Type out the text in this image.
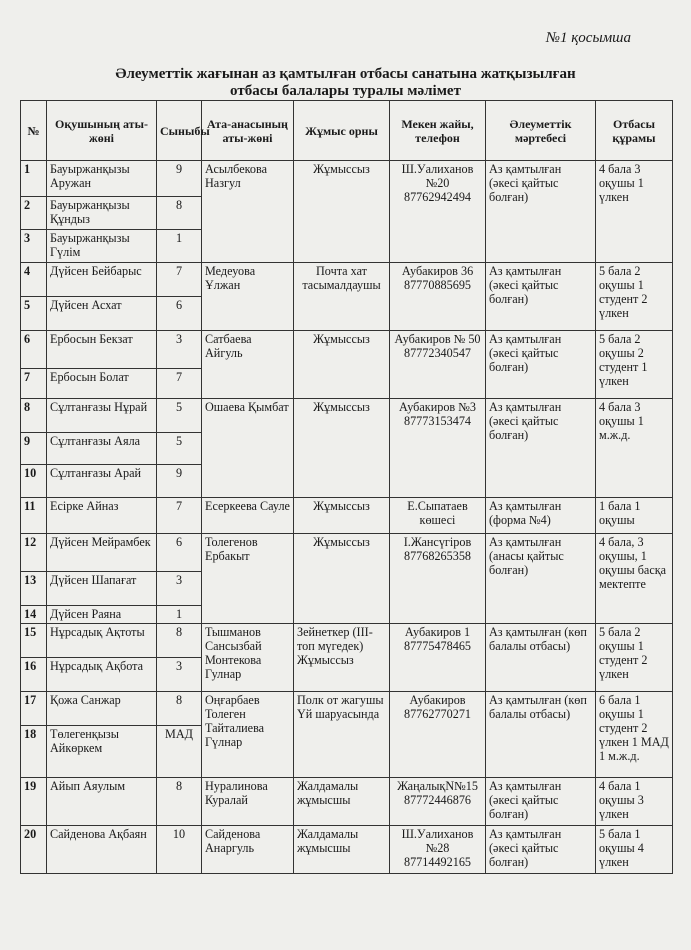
№1 қосымша
Әлеуметтік жағынан аз қамтылған отбасы санатына жатқызылған
отбасы балалары туралы мәлімет
№	Оқушының аты-жөні	Сыныбы	Ата-анасының аты-жөні	Жұмыс орны	Мекен жайы, телефон	Әлеуметтік мәртебесі	Отбасы құрамы
1	Бауыржанқызы Аружан	9	Асылбекова Назгул	Жұмыссыз	Ш.Уалиханов №20 87762942494	Аз қамтылған (әкесі қайтыс болған)	4 бала 3 оқушы 1 үлкен
2	Бауыржанқызы Құндыз	8					
3	Бауыржанқызы Гүлім	1					
4	Дүйсен Бейбарыс	7	Медеуова Ұлжан	Почта хат тасымалдаушы	Аубакиров 36 87770885695	Аз қамтылған (әкесі қайтыс болған)	5 бала 2 оқушы 1 студент 2 үлкен
5	Дүйсен Асхат	6					
6	Ербосын Бекзат	3	Сатбаева Айгуль	Жұмыссыз	Аубакиров № 50 87772340547	Аз қамтылған (әкесі қайтыс болған)	5 бала 2 оқушы 2 студент 1 үлкен
7	Ербосын Болат	7					
8	Сұлтанғазы Нұрай	5	Ошаева Қымбат	Жұмыссыз	Аубакиров №3 87773153474	Аз қамтылған (әкесі қайтыс болған)	4 бала 3 оқушы 1 м.ж.д.
9	Сұлтанғазы Аяла	5					
10	Сұлтанғазы Арай	9					
11	Есірке Айназ	7	Есеркеева Сауле	Жұмыссыз	Е.Сыпатаев көшесі	Аз қамтылған (форма №4)	1 бала 1 оқушы
12	Дүйсен Мейрамбек	6	Толегенов Ербакыт	Жұмыссыз	І.Жансүгіров 87768265358	Аз қамтылған (анасы қайтыс болған)	4 бала, 3 оқушы, 1 оқушы басқа мектепте
13	Дүйсен Шапағат	3					
14	Дүйсен Раяна	1					
15	Нұрсадық Ақтоты	8	Тышманов Сансызбай Монтекова Гулнар	Зейнеткер (ІІІ-топ мүгедек) Жұмыссыз	Аубакиров 1 87775478465	Аз қамтылған (көп балалы отбасы)	5 бала 2 оқушы 1 студент 2 үлкен
16	Нұрсадық Ақбота	3					
17	Қожа Санжар	8	Оңғарбаев Толеген Тайталиева Гүлнар	Полк от жагушы Үй шаруасында	Аубакиров 87762770271	Аз қамтылған (көп балалы отбасы)	6 бала 1 оқушы 1 студент 2 үлкен 1 МАД 1 м.ж.д.
18	Төлегенқызы Айкөркем	МАД					
19	Айып Аяулым	8	Нуралинова Куралай	Жалдамалы жұмысшы	ЖаңалықN№15 87772446876	Аз қамтылған (әкесі қайтыс болған)	4 бала 1 оқушы 3 үлкен
20	Сайденова Ақбаян	10	Сайденова Анаргуль	Жалдамалы жұмысшы	Ш.Уалиханов №28 87714492165	Аз қамтылған (әкесі қайтыс болған)	5 бала 1 оқушы 4 үлкен
